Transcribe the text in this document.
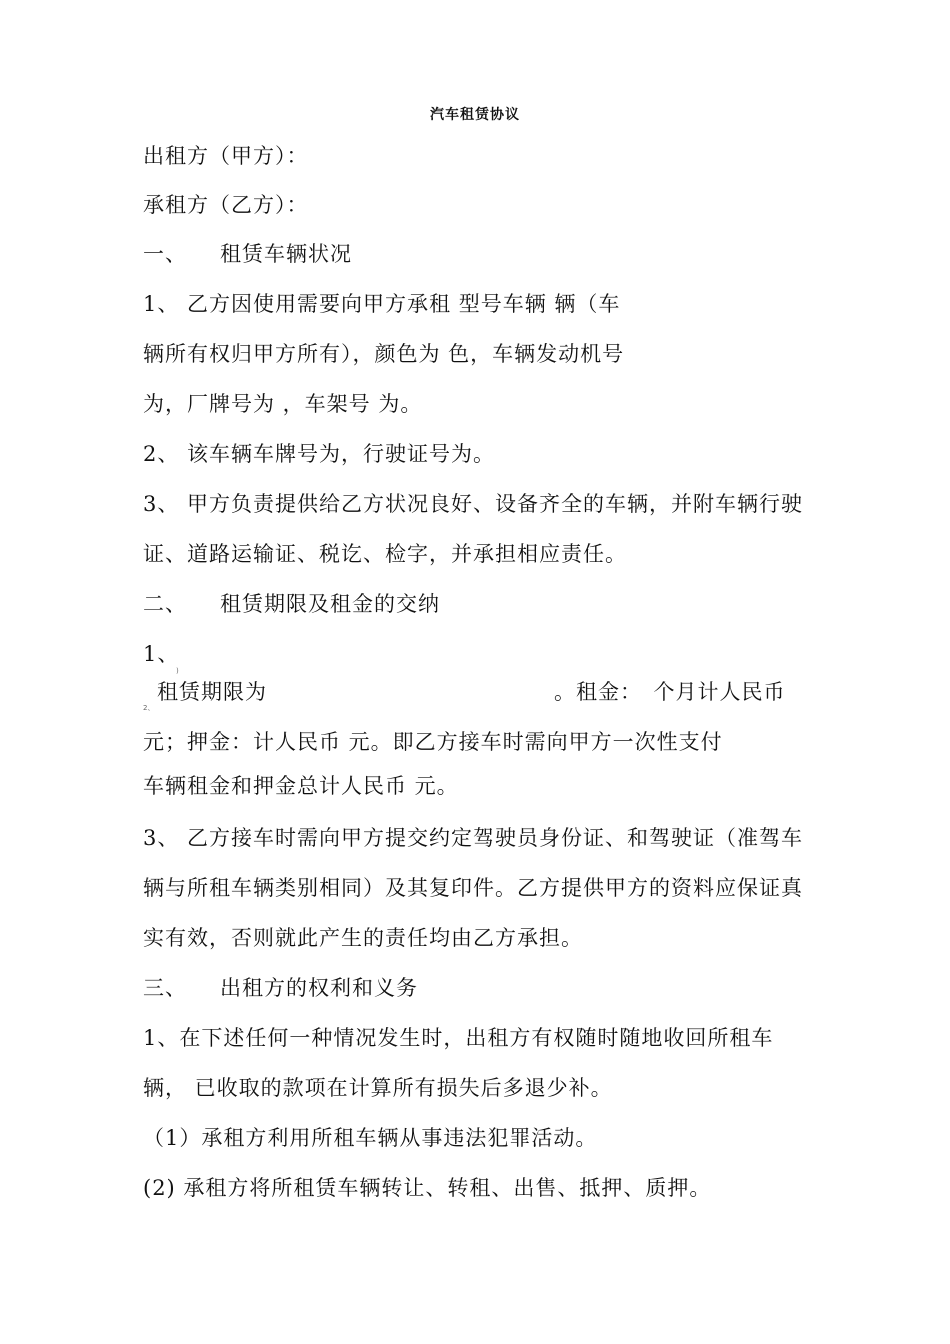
汽车租赁协议
出租方（甲方）：
承租方（乙方）：
一、 租赁车辆状况
1、 乙方因使用需要向甲方承租 型号车辆 辆（车
辆所有权归甲方所有），颜色为 色，车辆发动机号
为，厂牌号为 ，车架号 为。
2、 该车辆车牌号为，行驶证号为。
3、 甲方负责提供给乙方状况良好、设备齐全的车辆，并附车辆行驶
证、道路运输证、税讫、检字，并承担相应责任。
二、 租赁期限及租金的交纳
1、
)
2、
租赁期限为	。租金：　个月计人民币
元；押金：计人民币 元。即乙方接车时需向甲方一次性支付
车辆租金和押金总计人民币 元。
3、 乙方接车时需向甲方提交约定驾驶员身份证、和驾驶证（准驾车
辆与所租车辆类别相同）及其复印件。乙方提供甲方的资料应保证真
实有效，否则就此产生的责任均由乙方承担。
三、 出租方的权利和义务
1、在下述任何一种情况发生时，出租方有权随时随地收回所租车
辆， 已收取的款项在计算所有损失后多退少补。
（1）承租方利用所租车辆从事违法犯罪活动。
(2) 承租方将所租赁车辆转让、转租、出售、抵押、质押。
